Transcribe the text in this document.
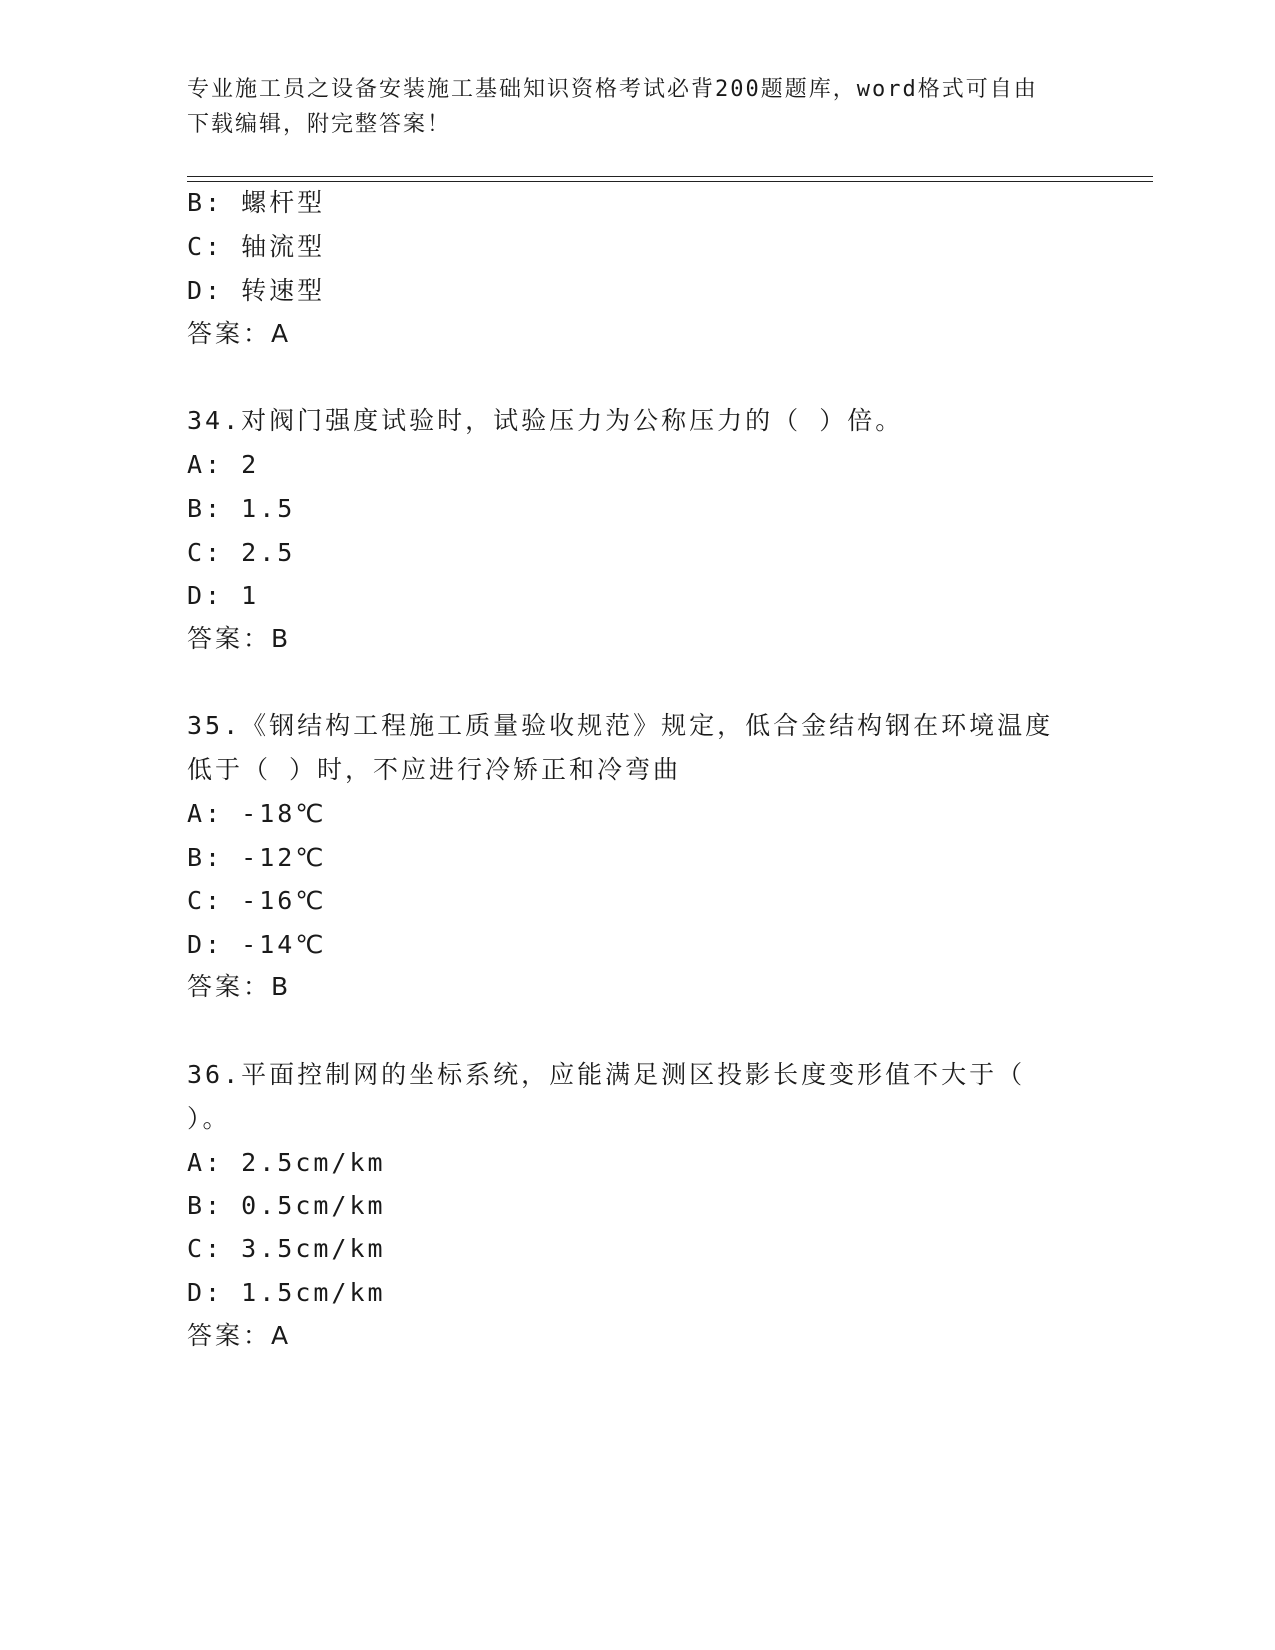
专业施工员之设备安装施工基础知识资格考试必背200题题库，word格式可自由
下载编辑，附完整答案！
B: 螺杆型
C: 轴流型
D: 转速型
答案：A
34.对阀门强度试验时，试验压力为公称压力的（ ）倍。
A: 2
B: 1.5
C: 2.5
D: 1
答案：B
35.《钢结构工程施工质量验收规范》规定，低合金结构钢在环境温度
低于（ ）时，不应进行冷矫正和冷弯曲
A: -18℃
B: -12℃
C: -16℃
D: -14℃
答案：B
36.平面控制网的坐标系统，应能满足测区投影长度变形值不大于（
）。
A: 2.5cm/km
B: 0.5cm/km
C: 3.5cm/km
D: 1.5cm/km
答案：A
